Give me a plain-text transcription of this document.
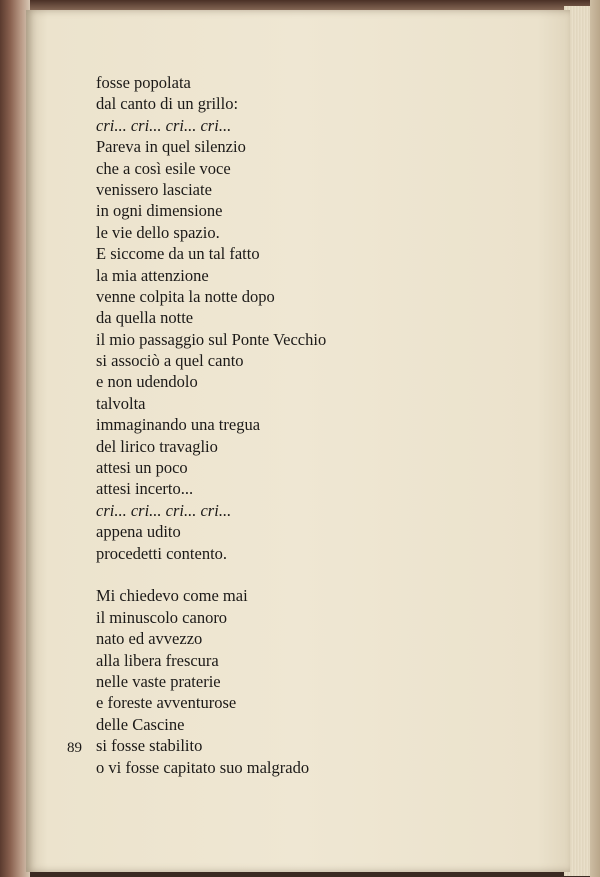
fosse popolata
dal canto di un grillo:
cri... cri... cri... cri...
Pareva in quel silenzio
che a così esile voce
venissero lasciate
in ogni dimensione
le vie dello spazio.
E siccome da un tal fatto
la mia attenzione
venne colpita la notte dopo
da quella notte
il mio passaggio sul Ponte Vecchio
si associò a quel canto
e non udendolo
talvolta
immaginando una tregua
del lirico travaglio
attesi un poco
attesi incerto...
cri... cri... cri... cri...
appena udito
procedetti contento.
Mi chiedevo come mai
il minuscolo canoro
nato ed avvezzo
alla libera frescura
nelle vaste praterie
e foreste avventurose
delle Cascine
si fosse stabilito
o vi fosse capitato suo malgrado
89
